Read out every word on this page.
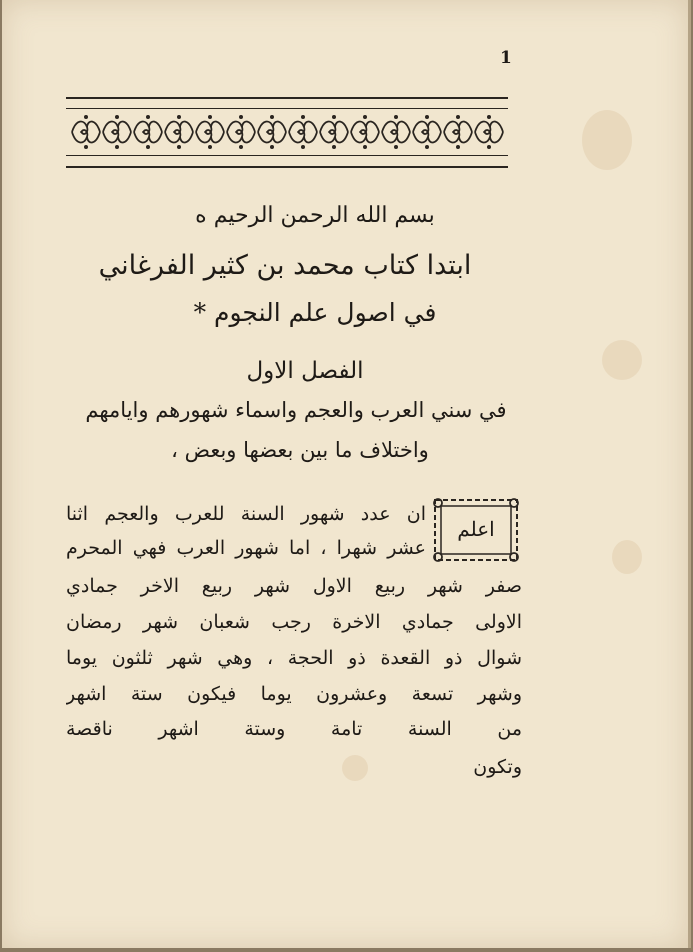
1
بسم الله الرحمن الرحيم ه
ابتدا كتاب محمد بن كثير الفرغاني
في اصول علم النجوم *
الفصل الاول
في سني العرب والعجم واسماء شهورهم وايامهم
واختلاف ما بين بعضها وبعض ،
اعلم
ان عدد شهور السنة للعرب والعجم اثنا
عشر شهرا ، اما شهور العرب فهي المحرم
صفر شهر ربيع الاول شهر ربيع الاخر جمادي
الاولى جمادي الاخرة رجب شعبان شهر رمضان
شوال ذو القعدة ذو الحجة ، وهي شهر ثلثون يوما
وشهر تسعة وعشرون يوما فيكون ستة اشهر
من السنة تامة وستة اشهر ناقصة
وتكون
